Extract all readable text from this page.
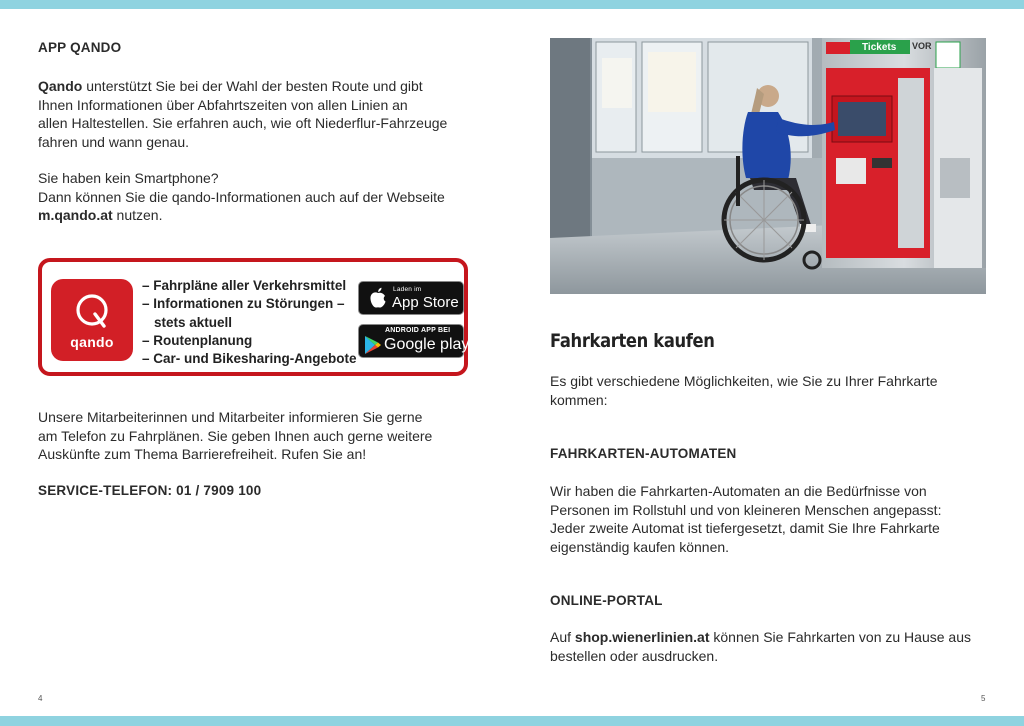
APP QANDO

Qando unterstützt Sie bei der Wahl der besten Route und gibt

Ihnen Informationen über Abfahrtszeiten von allen Linien an

allen Haltestellen. Sie erfahren auch, wie oft Niederflur-Fahrzeuge

fahren und wann genau.

Sie haben kein Smartphone?

Dann können Sie die qando-Informationen auch auf der Webseite

m.qando.at nutzen.

qando
– Fahrpläne aller Verkehrsmittel
– Informationen zu Störungen –
stets aktuell
– Routenplanung
– Car- und Bikesharing-Angebote
Laden im
App Store
ANDROID APP BEI
Google play

Unsere Mitarbeiterinnen und Mitarbeiter informieren Sie gerne

am Telefon zu Fahrplänen. Sie geben Ihnen auch gerne weitere

Auskünfte zum Thema Barrierefreiheit. Rufen Sie an!

SERVICE-TELEFON: 01 / 7909 100
4
Tickets VOR
Fahrkarten kaufen

Es gibt verschiedene Möglichkeiten, wie Sie zu Ihrer Fahrkarte

kommen:

FAHRKARTEN-AUTOMATEN

Wir haben die Fahrkarten-Automaten an die Bedürfnisse von

Personen im Rollstuhl und von kleineren Menschen angepasst:

Jeder zweite Automat ist tiefergesetzt, damit Sie Ihre Fahrkarte

eigenständig kaufen können.

ONLINE-PORTAL

Auf shop.wienerlinien.at können Sie Fahrkarten von zu Hause aus

bestellen oder ausdrucken.

5
